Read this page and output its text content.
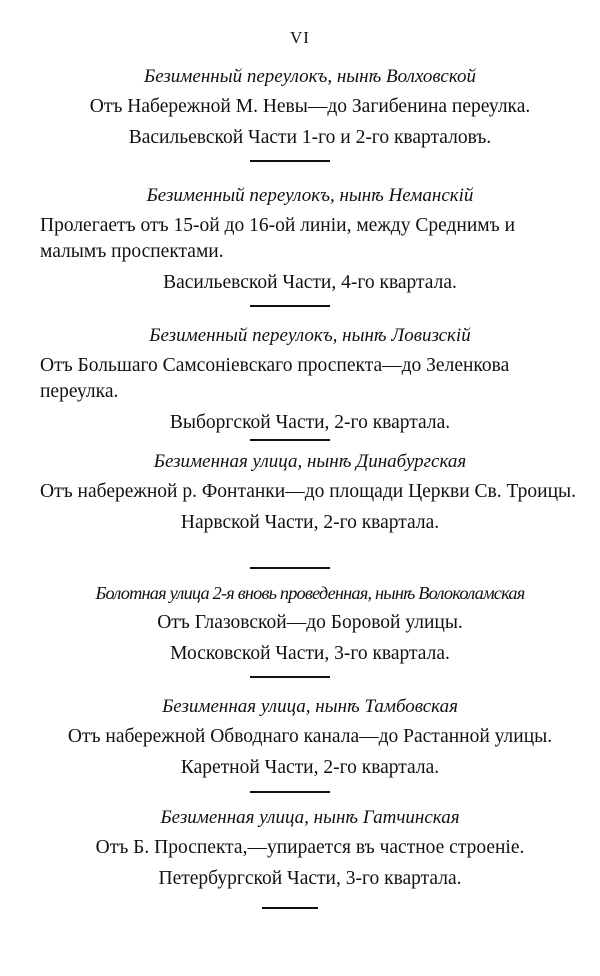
VI
Безименный переулокъ, нынѣ Волховской
Отъ Набережной М. Невы—до Загибенина переулка.
Васильевской Части 1-го и 2-го кварталовъ.
Безименный переулокъ, нынѣ Неманскій
Пролегаетъ отъ 15-ой до 16-ой линіи, между Среднимъ и малымъ проспектами.
Васильевской Части, 4-го квартала.
Безименный переулокъ, нынѣ Ловизскій
Отъ Большаго Самсоніевскаго проспекта—до Зеленкова переулка.
Выборгской Части, 2-го квартала.
Безименная улица, нынѣ Динабургская
Отъ набережной р. Фонтанки—до площади Церкви Св. Троицы.
Нарвской Части, 2-го квартала.
Болотная улица 2-я вновь проведенная, нынѣ Волоколамская
Отъ Глазовской—до Боровой улицы.
Московской Части, 3-го квартала.
Безименная улица, нынѣ Тамбовская
Отъ набережной Обводнаго канала—до Растанной улицы.
Каретной Части, 2-го квартала.
Безименная улица, нынѣ Гатчинская
Отъ Б. Проспекта,—упирается въ частное строеніе.
Петербургской Части, 3-го квартала.
